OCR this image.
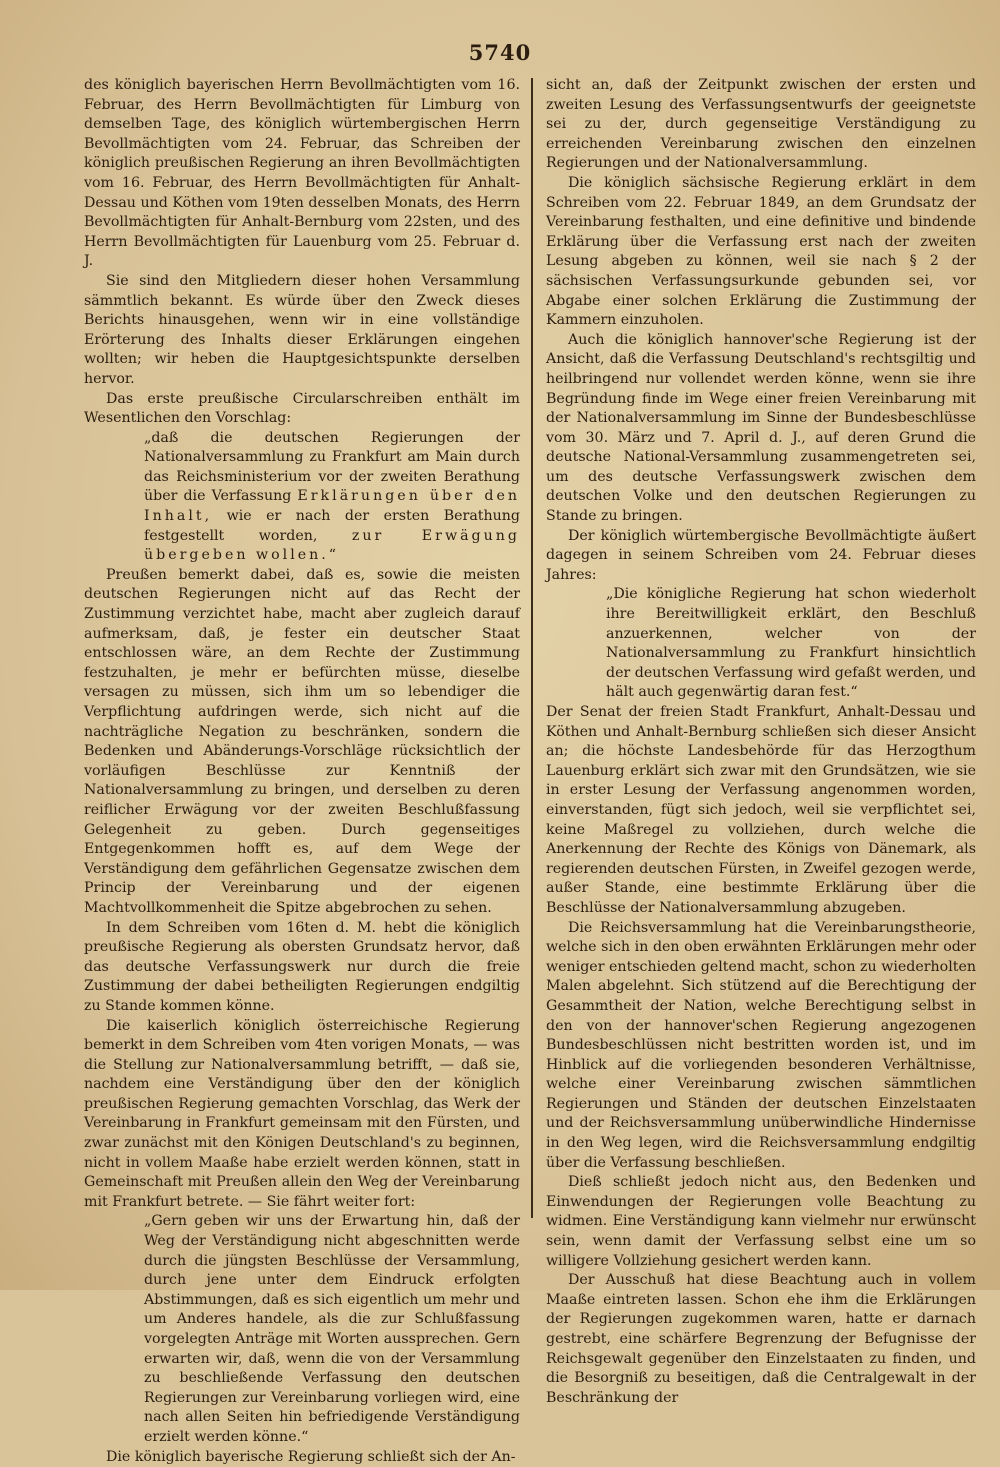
5740

des königlich bayerischen Herrn Bevollmächtigten vom 16. Februar, des Herrn Bevollmächtigten für Limburg von demselben Tage, des königlich würtembergischen Herrn Bevollmächtigten vom 24. Februar, das Schreiben der königlich preußischen Regierung an ihren Bevollmächtigten vom 16. Februar, des Herrn Bevollmächtigten für Anhalt-Dessau und Köthen vom 19ten desselben Monats, des Herrn Bevollmächtigten für Anhalt-Bernburg vom 22sten, und des Herrn Bevollmächtigten für Lauenburg vom 25. Februar d. J.

Sie sind den Mitgliedern dieser hohen Versammlung sämmtlich bekannt. Es würde über den Zweck dieses Berichts hinausgehen, wenn wir in eine vollständige Erörterung des Inhalts dieser Erklärungen eingehen wollten; wir heben die Hauptgesichtspunkte derselben hervor.

Das erste preußische Circularschreiben enthält im Wesentlichen den Vorschlag:

„daß die deutschen Regierungen der Nationalversammlung zu Frankfurt am Main durch das Reichsministerium vor der zweiten Berathung über die Verfassung Erklärungen über den Inhalt, wie er nach der ersten Berathung festgestellt worden, zur Erwägung übergeben wollen.“

Preußen bemerkt dabei, daß es, sowie die meisten deutschen Regierungen nicht auf das Recht der Zustimmung verzichtet habe, macht aber zugleich darauf aufmerksam, daß, je fester ein deutscher Staat entschlossen wäre, an dem Rechte der Zustimmung festzuhalten, je mehr er befürchten müsse, dieselbe versagen zu müssen, sich ihm um so lebendiger die Verpflichtung aufdringen werde, sich nicht auf die nachträgliche Negation zu beschränken, sondern die Bedenken und Abänderungs-Vorschläge rücksichtlich der vorläufigen Beschlüsse zur Kenntniß der Nationalversammlung zu bringen, und derselben zu deren reiflicher Erwägung vor der zweiten Beschlußfassung Gelegenheit zu geben. Durch gegenseitiges Entgegenkommen hofft es, auf dem Wege der Verständigung dem gefährlichen Gegensatze zwischen dem Princip der Vereinbarung und der eigenen Machtvollkommenheit die Spitze abgebrochen zu sehen.

In dem Schreiben vom 16ten d. M. hebt die königlich preußische Regierung als obersten Grundsatz hervor, daß das deutsche Verfassungswerk nur durch die freie Zustimmung der dabei betheiligten Regierungen endgiltig zu Stande kommen könne.

Die kaiserlich königlich österreichische Regierung bemerkt in dem Schreiben vom 4ten vorigen Monats, — was die Stellung zur Nationalversammlung betrifft, — daß sie, nachdem eine Verständigung über den der königlich preußischen Regierung gemachten Vorschlag, das Werk der Vereinbarung in Frankfurt gemeinsam mit den Fürsten, und zwar zunächst mit den Königen Deutschland's zu beginnen, nicht in vollem Maaße habe erzielt werden können, statt in Gemeinschaft mit Preußen allein den Weg der Vereinbarung mit Frankfurt betrete. — Sie fährt weiter fort:

„Gern geben wir uns der Erwartung hin, daß der Weg der Verständigung nicht abgeschnitten werde durch die jüngsten Beschlüsse der Versammlung, durch jene unter dem Eindruck erfolgten Abstimmungen, daß es sich eigentlich um mehr und um Anderes handele, als die zur Schlußfassung vorgelegten Anträge mit Worten aussprechen. Gern erwarten wir, daß, wenn die von der Versammlung zu beschließende Verfassung den deutschen Regierungen zur Vereinbarung vorliegen wird, eine nach allen Seiten hin befriedigende Verständigung erzielt werden könne.“

Die königlich bayerische Regierung schließt sich der An-

sicht an, daß der Zeitpunkt zwischen der ersten und zweiten Lesung des Verfassungsentwurfs der geeignetste sei zu der, durch gegenseitige Verständigung zu erreichenden Vereinbarung zwischen den einzelnen Regierungen und der Nationalversammlung.

Die königlich sächsische Regierung erklärt in dem Schreiben vom 22. Februar 1849, an dem Grundsatz der Vereinbarung festhalten, und eine definitive und bindende Erklärung über die Verfassung erst nach der zweiten Lesung abgeben zu können, weil sie nach § 2 der sächsischen Verfassungsurkunde gebunden sei, vor Abgabe einer solchen Erklärung die Zustimmung der Kammern einzuholen.

Auch die königlich hannover'sche Regierung ist der Ansicht, daß die Verfassung Deutschland's rechtsgiltig und heilbringend nur vollendet werden könne, wenn sie ihre Begründung finde im Wege einer freien Vereinbarung mit der Nationalversammlung im Sinne der Bundesbeschlüsse vom 30. März und 7. April d. J., auf deren Grund die deutsche National-Versammlung zusammengetreten sei, um des deutsche Verfassungswerk zwischen dem deutschen Volke und den deutschen Regierungen zu Stande zu bringen.

Der königlich würtembergische Bevollmächtigte äußert dagegen in seinem Schreiben vom 24. Februar dieses Jahres:

„Die königliche Regierung hat schon wiederholt ihre Bereitwilligkeit erklärt, den Beschluß anzuerkennen, welcher von der Nationalversammlung zu Frankfurt hinsichtlich der deutschen Verfassung wird gefaßt werden, und hält auch gegenwärtig daran fest.“

Der Senat der freien Stadt Frankfurt, Anhalt-Dessau und Köthen und Anhalt-Bernburg schließen sich dieser Ansicht an; die höchste Landesbehörde für das Herzogthum Lauenburg erklärt sich zwar mit den Grundsätzen, wie sie in erster Lesung der Verfassung angenommen worden, einverstanden, fügt sich jedoch, weil sie verpflichtet sei, keine Maßregel zu vollziehen, durch welche die Anerkennung der Rechte des Königs von Dänemark, als regierenden deutschen Fürsten, in Zweifel gezogen werde, außer Stande, eine bestimmte Erklärung über die Beschlüsse der Nationalversammlung abzugeben.

Die Reichsversammlung hat die Vereinbarungstheorie, welche sich in den oben erwähnten Erklärungen mehr oder weniger entschieden geltend macht, schon zu wiederholten Malen abgelehnt. Sich stützend auf die Berechtigung der Gesammtheit der Nation, welche Berechtigung selbst in den von der hannover'schen Regierung angezogenen Bundesbeschlüssen nicht bestritten worden ist, und im Hinblick auf die vorliegenden besonderen Verhältnisse, welche einer Vereinbarung zwischen sämmtlichen Regierungen und Ständen der deutschen Einzelstaaten und der Reichsversammlung unüberwindliche Hindernisse in den Weg legen, wird die Reichsversammlung endgiltig über die Verfassung beschließen.

Dieß schließt jedoch nicht aus, den Bedenken und Einwendungen der Regierungen volle Beachtung zu widmen. Eine Verständigung kann vielmehr nur erwünscht sein, wenn damit der Verfassung selbst eine um so willigere Vollziehung gesichert werden kann.

Der Ausschuß hat diese Beachtung auch in vollem Maaße eintreten lassen. Schon ehe ihm die Erklärungen der Regierungen zugekommen waren, hatte er darnach gestrebt, eine schärfere Begrenzung der Befugnisse der Reichsgewalt gegenüber den Einzelstaaten zu finden, und die Besorgniß zu beseitigen, daß die Centralgewalt in der Beschränkung der
